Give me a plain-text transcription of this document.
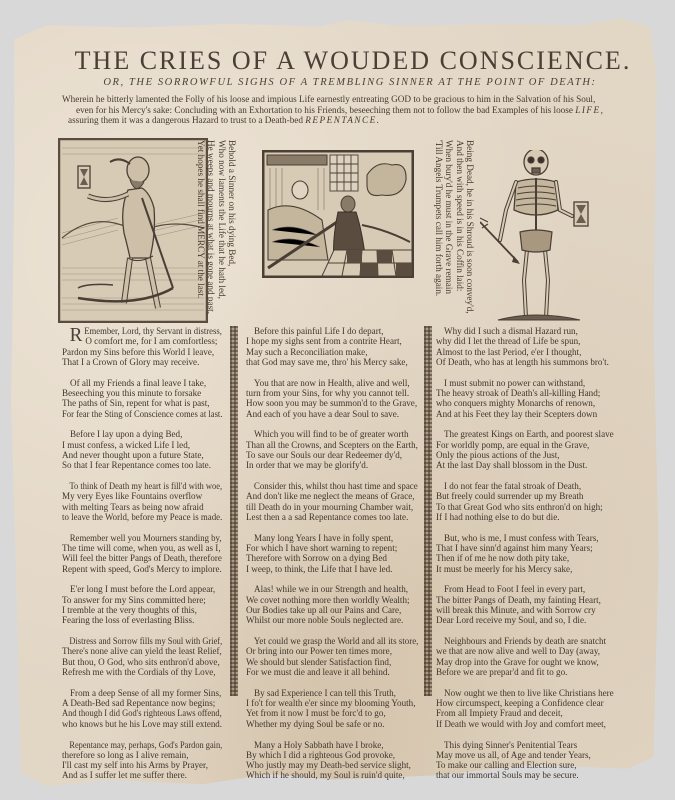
THE CRIES OF A WOUDED CONSCIENCE.
OR, THE SORROWFUL SIGHS OF A TREMBLING SINNER AT THE POINT OF DEATH:
Wherein he bitterly lamented the Folly of his loose and impious Life earnestly entreating GOD to be gracious to him in the Salvation of his Soul,
even for his Mercy's sake: Concluding with an Exhortation to his Friends, beseeching them not to follow the bad Examples of his loose LIFE,
assuring them it was a dangerous Hazard to trust to a Death-bed REPENTANCE.
Behold a Sinner on his dying Bed,
Who now laments the Life that he hath led,
He weeps and mourns at what is gone and past,
Yet hopes he shall find MERCY at the last.	Being Dead, he in his Shroud is soon convey'd,
And then with speed is in his Coffin laid:
When bury'd he must in the Grave remain
'Till Angels Trumpets call him forth again.
R Emember, Lord, thy Servant in distress,
O comfort me, for I am comfortless;
Pardon my Sins before this World I leave,
That I a Crown of Glory may receive.
Of all my Friends a final leave I take,
Beseeching you this minute to forsake
The paths of Sin, repent for what is past,
For fear the Sting of Conscience comes at last.
Before I lay upon a dying Bed,
I must confess, a wicked Life I led,
And never thought upon a future State,
So that I fear Repentance comes too late.
To think of Death my heart is fill'd with woe,
My very Eyes like Fountains overflow
with melting Tears as being now afraid
to leave the World, before my Peace is made.
Remember well you Mourners standing by,
The time will come, when you, as well as I,
Will feel the bitter Pangs of Death, therefore
Repent with speed, God's Mercy to implore.
E'er long I must before the Lord appear,
To answer for my Sins committed here;
I tremble at the very thoughts of this,
Fearing the loss of everlasting Bliss.
Distress and Sorrow fills my Soul with Grief,
There's none alive can yield the least Relief,
But thou, O God, who sits enthron'd above,
Refresh me with the Cordials of thy Love,
From a deep Sense of all my former Sins,
A Death-Bed sad Repentance now begins;
And though I did God's righteous Laws offend,
who knows but he his Love may still extend.
Repentance may, perhaps, God's Pardon gain,
therefore so long as I alive remain,
I'll cast my self into his Arms by Prayer,
And as I suffer let me suffer there.
Before this painful Life I do depart,
I hope my sighs sent from a contrite Heart,
May such a Reconciliation make,
that God may save me, thro' his Mercy sake,
You that are now in Health, alive and well,
turn from your Sins, for why you cannot tell.
How soon you may be summon'd to the Grave,
And each of you have a dear Soul to save.
Which you will find to be of greater worth
Than all the Crowns, and Scepters on the Earth,
To save our Souls our dear Redeemer dy'd,
In order that we may be glorify'd.
Consider this, whilst thou hast time and space
And don't like me neglect the means of Grace,
till Death do in your mourning Chamber wait,
Lest then a a sad Repentance comes too late.
Many long Years I have in folly spent,
For which I have short warning to repent;
Therefore with Sorrow on a dying Bed
I weep, to think, the Life that I have led.
Alas! while we in our Strength and health,
We covet nothing more then worldly Wealth;
Our Bodies take up all our Pains and Care,
Whilst our more noble Souls neglected are.
Yet could we grasp the World and all its store,
Or bring into our Power ten times more,
We should but slender Satisfaction find,
For we must die and leave it all behind.
By sad Experience I can tell this Truth,
I fo't for wealth e'er since my blooming Youth,
Yet from it now I must be forc'd to go,
Whether my dying Soul be safe or no.
Many a Holy Sabbath have I broke,
By which I did a righteous God provoke,
Who justly may my Death-bed service slight,
Which if he should, my Soul is ruin'd quite,
Why did I such a dismal Hazard run,
why did I let the thread of Life be spun,
Almost to the last Period, e'er I thought,
Of Death, who has at length his summons bro't.
I must submit no power can withstand,
The heavy stroak of Death's all-killing Hand;
who conquers mighty Monarchs of renown,
And at his Feet they lay their Scepters down
The greatest Kings on Earth, and poorest slave
For worldly pomp, are equal in the Grave,
Only the pious actions of the Just,
At the last Day shall blossom in the Dust.
I do not fear the fatal stroak of Death,
But freely could surrender up my Breath
To that Great God who sits enthron'd on high;
If I had nothing else to do but die.
But, who is me, I must confess with Tears,
That I have sinn'd against him many Years;
Then if of me he now doth pity take,
It must be meerly for his Mercy sake,
From Head to Foot I feel in every part,
The bitter Pangs of Death, my fainting Heart,
will break this Minute, and with Sorrow cry
Dear Lord receive my Soul, and so, I die.
Neighbours and Friends by death are snatcht
we that are now alive and well to Day (away,
May drop into the Grave for ought we know,
Before we are prepar'd and fit to go.
Now ought we then to live like Christians here
How circumspect, keeping a Confidence clear
From all Impiety Fraud and deceit,
If Death we would with Joy and comfort meet,
This dying Sinner's Penitential Tears
May move us all, of Age and tender Years,
To make our calling and Election sure,
that our immortal Souls may be secure.
